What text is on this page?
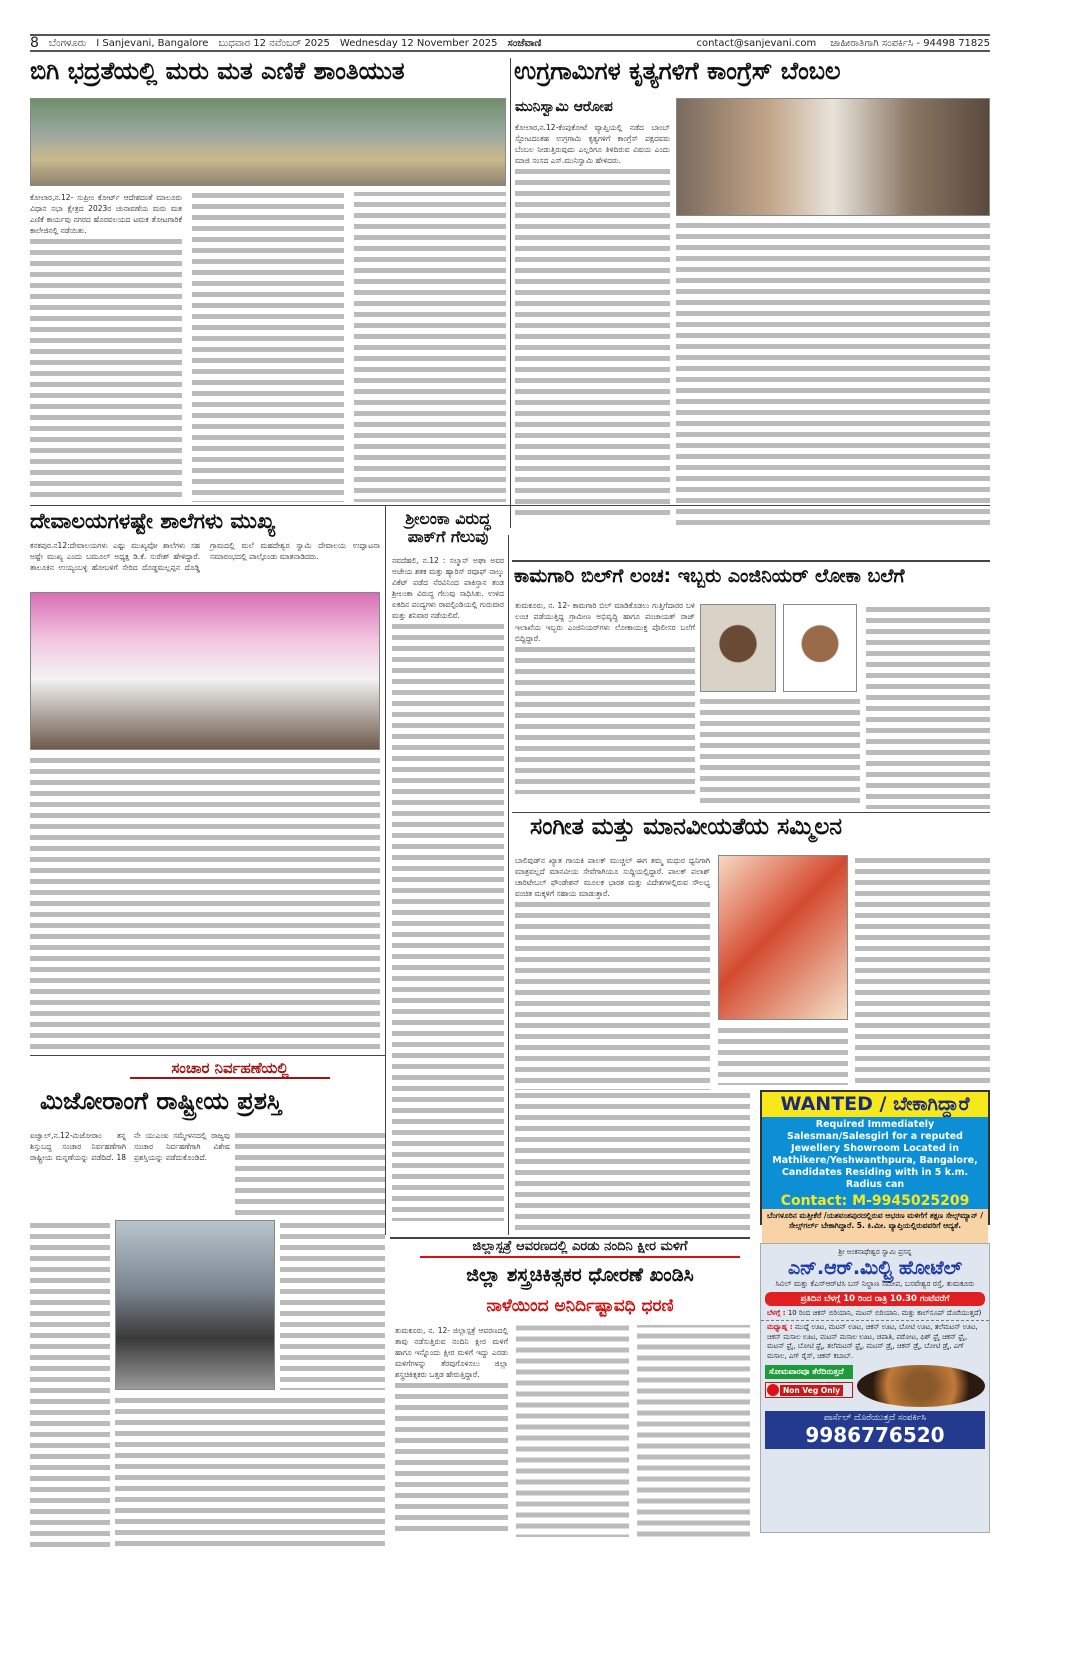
8 ಬೆಂಗಳೂರು I Sanjevani, Bangalore ಬುಧವಾರ 12 ನವೆಂಬರ್ 2025 Wednesday 12 November 2025 ಸಂಜೆವಾಣಿ	contact@sanjevani.com ಜಾಹೀರಾತಿಗಾಗಿ ಸಂಪರ್ಕಿಸಿ - 94498 71825
ಬಿಗಿ ಭದ್ರತೆಯಲ್ಲಿ ಮರು ಮತ ಎಣಿಕೆ ಶಾಂತಿಯುತ

ಕೋಲಾರ,ನ.12- ಸುಪ್ರೀಂ ಕೋರ್ಟ್ ಆದೇಶದಂತೆ ಮಾಲೂರು ವಿಧಾನ ಸಭಾ ಕ್ಷೇತ್ರದ 2023ರ ಚುನಾವಣೆಯ ಮರು ಮತ ಎಣಿಕೆ ಕಾರ್ಯವು ನಗರದ ಹೊರವಲಯದ ಟಮಕ ತೋಟಗಾರಿಕೆ ಕಾಲೇಜಿನಲ್ಲಿ ನಡೆಯಿತು.

ಉಗ್ರಗಾಮಿಗಳ ಕೃತ್ಯಗಳಿಗೆ ಕಾಂಗ್ರೆಸ್ ಬೆಂಬಲ
ಮುನಿಸ್ವಾಮಿ ಆರೋಪ

ಕೋಲಾರ,ನ.12-ಕೆಂಪುಕೋಟೆ ವ್ಯಾಪ್ತಿಯಲ್ಲಿ ನಡೆದ ಬಾಂಬ್ ಸ್ಫೋಟದಂತಹ ಉಗ್ರಗಾಮಿ ಕೃತ್ಯಗಳಿಗೆ ಕಾಂಗ್ರೆಸ್ ಪಕ್ಷದವರು ಬೆಂಬಲ ನೀಡುತ್ತಿರುವುದು ಎಲ್ಲರಿಗೂ ತಿಳಿದಿರುವ ವಿಷಯ ಎಂದು ಮಾಜಿ ಸಂಸದ ಎಸ್.ಮುನಿಸ್ವಾಮಿ ಹೇಳಿದರು.

ದೇವಾಲಯಗಳಷ್ಟೇ ಶಾಲೆಗಳು ಮುಖ್ಯ

ಕನಕಪುರ.ನ12:ದೇವಾಲಯಗಳು ಎಷ್ಟು ಮುಖ್ಯವೋ ಶಾಲೆಗಳು ಸಹ ಅಷ್ಟೇ ಮುಖ್ಯ ಎಂದು ಬಮೂಲ್ ಅಧ್ಯಕ್ಷ ಡಿ.ಕೆ. ಸುರೇಶ್ ಹೇಳಿದ್ದಾರೆ. ತಾಲೂಕಿನ ಉಯ್ಯಂಬಳ್ಳಿ ಹೋಬಳಿಗೆ ಸೇರಿದ ದೊಡ್ಡಮಲ್ಲಪ್ಪನ ದೊಡ್ಡಿ ಗ್ರಾಮದಲ್ಲಿ ಮಲೆ ಮಹದೇಶ್ವರ ಸ್ವಾಮಿ ದೇವಾಲಯ ಉದ್ಘಾಟನಾ ಸಮಾರಂಭದಲ್ಲಿ ಪಾಲ್ಗೊಂಡು ಮಾತನಾಡಿದರು.

ಶ್ರೀಲಂಕಾ ವಿರುದ್ಧ ಪಾಕ್‌ಗೆ ಗೆಲುವು

ನವದೆಹಲಿ, ನ.12 : ಸಲ್ಮಾನ್ ಅಘಾ ಅವರ ಅಜೇಯ ಶತಕ ಮತ್ತು ಹ್ಯಾರಿಸ್ ರವೂಫ್ ನಾಲ್ಕು ವಿಕೆಟ್ ಪಡೆದ ನೆರವಿನಿಂದ ಪಾಕಿಸ್ತಾನ ತಂಡ ಶ್ರೀಲಂಕಾ ವಿರುದ್ಧ ಗೆಲುವು ಸಾಧಿಸಿತು. ಉಳಿದ ಏಕದಿನ ಪಂದ್ಯಗಳು ರಾವಲ್ಪಿಂಡಿಯಲ್ಲಿ ಗುರುವಾರ ಮತ್ತು ಶನಿವಾರ ನಡೆಯಲಿವೆ.

ಕಾಮಗಾರಿ ಬಿಲ್‌ಗೆ ಲಂಚ: ಇಬ್ಬರು ಎಂಜಿನಿಯರ್ ಲೋಕಾ ಬಲೆಗೆ

ತುಮಕೂರು, ನ. 12- ಕಾಮಗಾರಿ ಬಿಲ್ ಮಾಡಿಕೊಡಲು ಗುತ್ತಿಗೆದಾರರ ಬಳಿ ಲಂಚ ಪಡೆಯುತ್ತಿದ್ದ ಗ್ರಾಮೀಣ ಅಭಿವೃದ್ಧಿ ಹಾಗೂ ಪಂಚಾಯತ್ ರಾಜ್ ಇಲಾಖೆಯ ಇಬ್ಬರು ಎಂಜಿನಿಯರ್‌ಗಳು ಲೋಕಾಯುಕ್ತ ಪೊಲೀಸರ ಬಲೆಗೆ ಬಿದ್ದಿದ್ದಾರೆ.

ಸಂಗೀತ ಮತ್ತು ಮಾನವೀಯತೆಯ ಸಮ್ಮಿಲನ

ಬಾಲಿವುಡ್‌ನ ಖ್ಯಾತ ಗಾಯಕಿ ಪಾಲಕ್ ಮುಚ್ಚಲ್ ಈಗ ತಮ್ಮ ಮಧುರ ಧ್ವನಿಗಾಗಿ ಮಾತ್ರವಲ್ಲದೆ ಮಾನವೀಯ ಸೇವೆಗಾಗಿಯೂ ಸುದ್ದಿಯಲ್ಲಿದ್ದಾರೆ. ಪಾಲಕ್ ಪಲಾಶ್ ಚಾರಿಟೇಬಲ್ ಫೌಂಡೇಶನ್ ಮೂಲಕ ಭಾರತ ಮತ್ತು ವಿದೇಶಗಳಲ್ಲಿರುವ ಸೌಲಭ್ಯ ವಂಚಿತ ಮಕ್ಕಳಿಗೆ ಸಹಾಯ ಮಾಡುತ್ತಾರೆ.

ಸಂಚಾರ ನಿರ್ವಹಣೆಯಲ್ಲಿ
ಮಿಜೋರಾಂಗೆ ರಾಷ್ಟ್ರೀಯ ಪ್ರಶಸ್ತಿ

ಐಜ್ವಾಲ್,ನ.12-ಮಿಜೋರಾಂ ತನ್ನ ಶಿಸ್ತುಬದ್ಧ ಸಂಚಾರ ನಿರ್ವಹಣೆಗಾಗಿ ರಾಷ್ಟ್ರೀಯ ಮನ್ನಣೆಯನ್ನು ಪಡೆದಿದೆ. 18 ನೇ ಯುಎಂಐ ಸಮ್ಮೇಳನದಲ್ಲಿ ರಾಜ್ಯವು ಸಂಚಾರ ನಿರ್ವಹಣೆಗಾಗಿ ವಿಶೇಷ ಪ್ರಶಸ್ತಿಯನ್ನು ಪಡೆದುಕೊಂಡಿದೆ.

ಜಿಲ್ಲಾಸ್ಪತ್ರೆ ಆವರಣದಲ್ಲಿ ಎರಡು ನಂದಿನಿ ಕ್ಷೀರ ಮಳಿಗೆ
ಜಿಲ್ಲಾ ಶಸ್ತ್ರಚಿಕಿತ್ಸಕರ ಧೋರಣೆ ಖಂಡಿಸಿ
ನಾಳೆಯಿಂದ ಅನಿರ್ದಿಷ್ಟಾವಧಿ ಧರಣಿ

ತುಮಕೂರು, ನ. 12- ಜಿಲ್ಲಾಸ್ಪತ್ರೆ ಆವರಣದಲ್ಲಿ ತಾವು ನಡೆಸುತ್ತಿರುವ ನಂದಿನಿ ಕ್ಷೀರ ಮಳಿಗೆ ಹಾಗೂ ಇನ್ನೊಂದು ಕ್ಷೀರ ಮಳಿಗೆ ಇದ್ದು ಎರಡು ಮಳಿಗೆಗಳನ್ನು ತೆರವುಗೊಳಿಸಲು ಜಿಲ್ಲಾ ಶಸ್ತ್ರಚಿಕಿತ್ಸಕರು ಒತ್ತಡ ಹೇರುತ್ತಿದ್ದಾರೆ.

WANTED / ಬೇಕಾಗಿದ್ದಾರೆ
Required Immediately Salesman/Salesgirl for a reputed Jewellery Showroom Located in Mathikere/Yeshwanthpura, Bangalore, Candidates Residing with in 5 k.m. Radius can
Contact: M-9945025209
ಬೆಂಗಳೂರಿನ ಮತ್ತೀಕೆರೆ /ಯಶವಂತಪುರದಲ್ಲಿರುವ ಆಭರಣ ಮಳಿಗೆಗೆ ತಕ್ಷಣ ಸೇಲ್ಸ್‌ಮ್ಯಾನ್ /ಸೇಲ್ಸ್‌ಗರ್ಲ್ ಬೇಕಾಗಿದ್ದಾರೆ. 5. ಕಿ.ಮೀ. ವ್ಯಾಪ್ತಿಯಲ್ಲಿರುವವರಿಗೆ ಆದ್ಯತೆ.
ಶ್ರೀ ಅಂಕನಾಥೇಶ್ವರ ಸ್ವಾಮಿ ಪ್ರಸನ್ನ
ಎನ್.ಆರ್.ಮಿಲ್ಟ್ರಿ ಹೋಟೆಲ್
ಸಿವಿಲ್ ಮತ್ತು ಕೆಎಸ್ಆರ್‌ಟಿಸಿ ಬಸ್ ನಿಲ್ದಾಣ ಸಮೀಪ, ಬಸವೇಶ್ವರ ರಸ್ತೆ, ತುಮಕೂರು
ಪ್ರತಿದಿನ ಬೆಳಗ್ಗೆ 10 ರಿಂದ ರಾತ್ರಿ 10.30 ಗಂಟೆವರೆಗೆ
ಬೆಳಗ್ಗೆ : 10 ರಿಂದ ಚಿಕನ್ ಬಿರಿಯಾನಿ, ಮಟನ್ ಬಿರಿಯಾನಿ. ಮತ್ತು ಕಾಲ್‌ಸೂಪ್ ದೊರೆಯುತ್ತದೆ)
ಮಧ್ಯಾಹ್ನ : ಮುದ್ದೆ ಊಟ, ಮಟನ್ ಊಟ, ಚಿಕನ್ ಊಟ, ಬೋಟಿ ಊಟ, ತಲೆಮಟನ್ ಊಟ, ಚಿಕನ್ ಮಸಾಲ ಊಟ, ಮಟನ್ ಮಸಾಲ ಊಟ, ಚಪಾತಿ, ಪರೋಟ, ಫಿಶ್ ಫ್ರೈ ಚಿಕನ್ ಫ್ರೈ, ಮಟನ್ ಫ್ರೈ, ಬೋಟಿ ಫ್ರೈ, ತಲೆಮಟನ್ ಫ್ರೈ, ಮಟನ್ ಡ್ರೈ, ಚಿಕನ್ ಡ್ರೈ, ಬೋಟಿ ಡ್ರೈ, ಎಗ್ ಮಸಾಲ, ಎಗ್ ರೈಸ್, ಚಿಕನ್ ಕಬಾಬ್.
ಸೋಮವಾರವೂ ತೆರೆದಿರುತ್ತದೆ
Non Veg Only
ಪಾರ್ಸೆಲ್ ದೊರೆಯುತ್ತದೆ ಸಂಪರ್ಕಿಸಿ
9986776520
